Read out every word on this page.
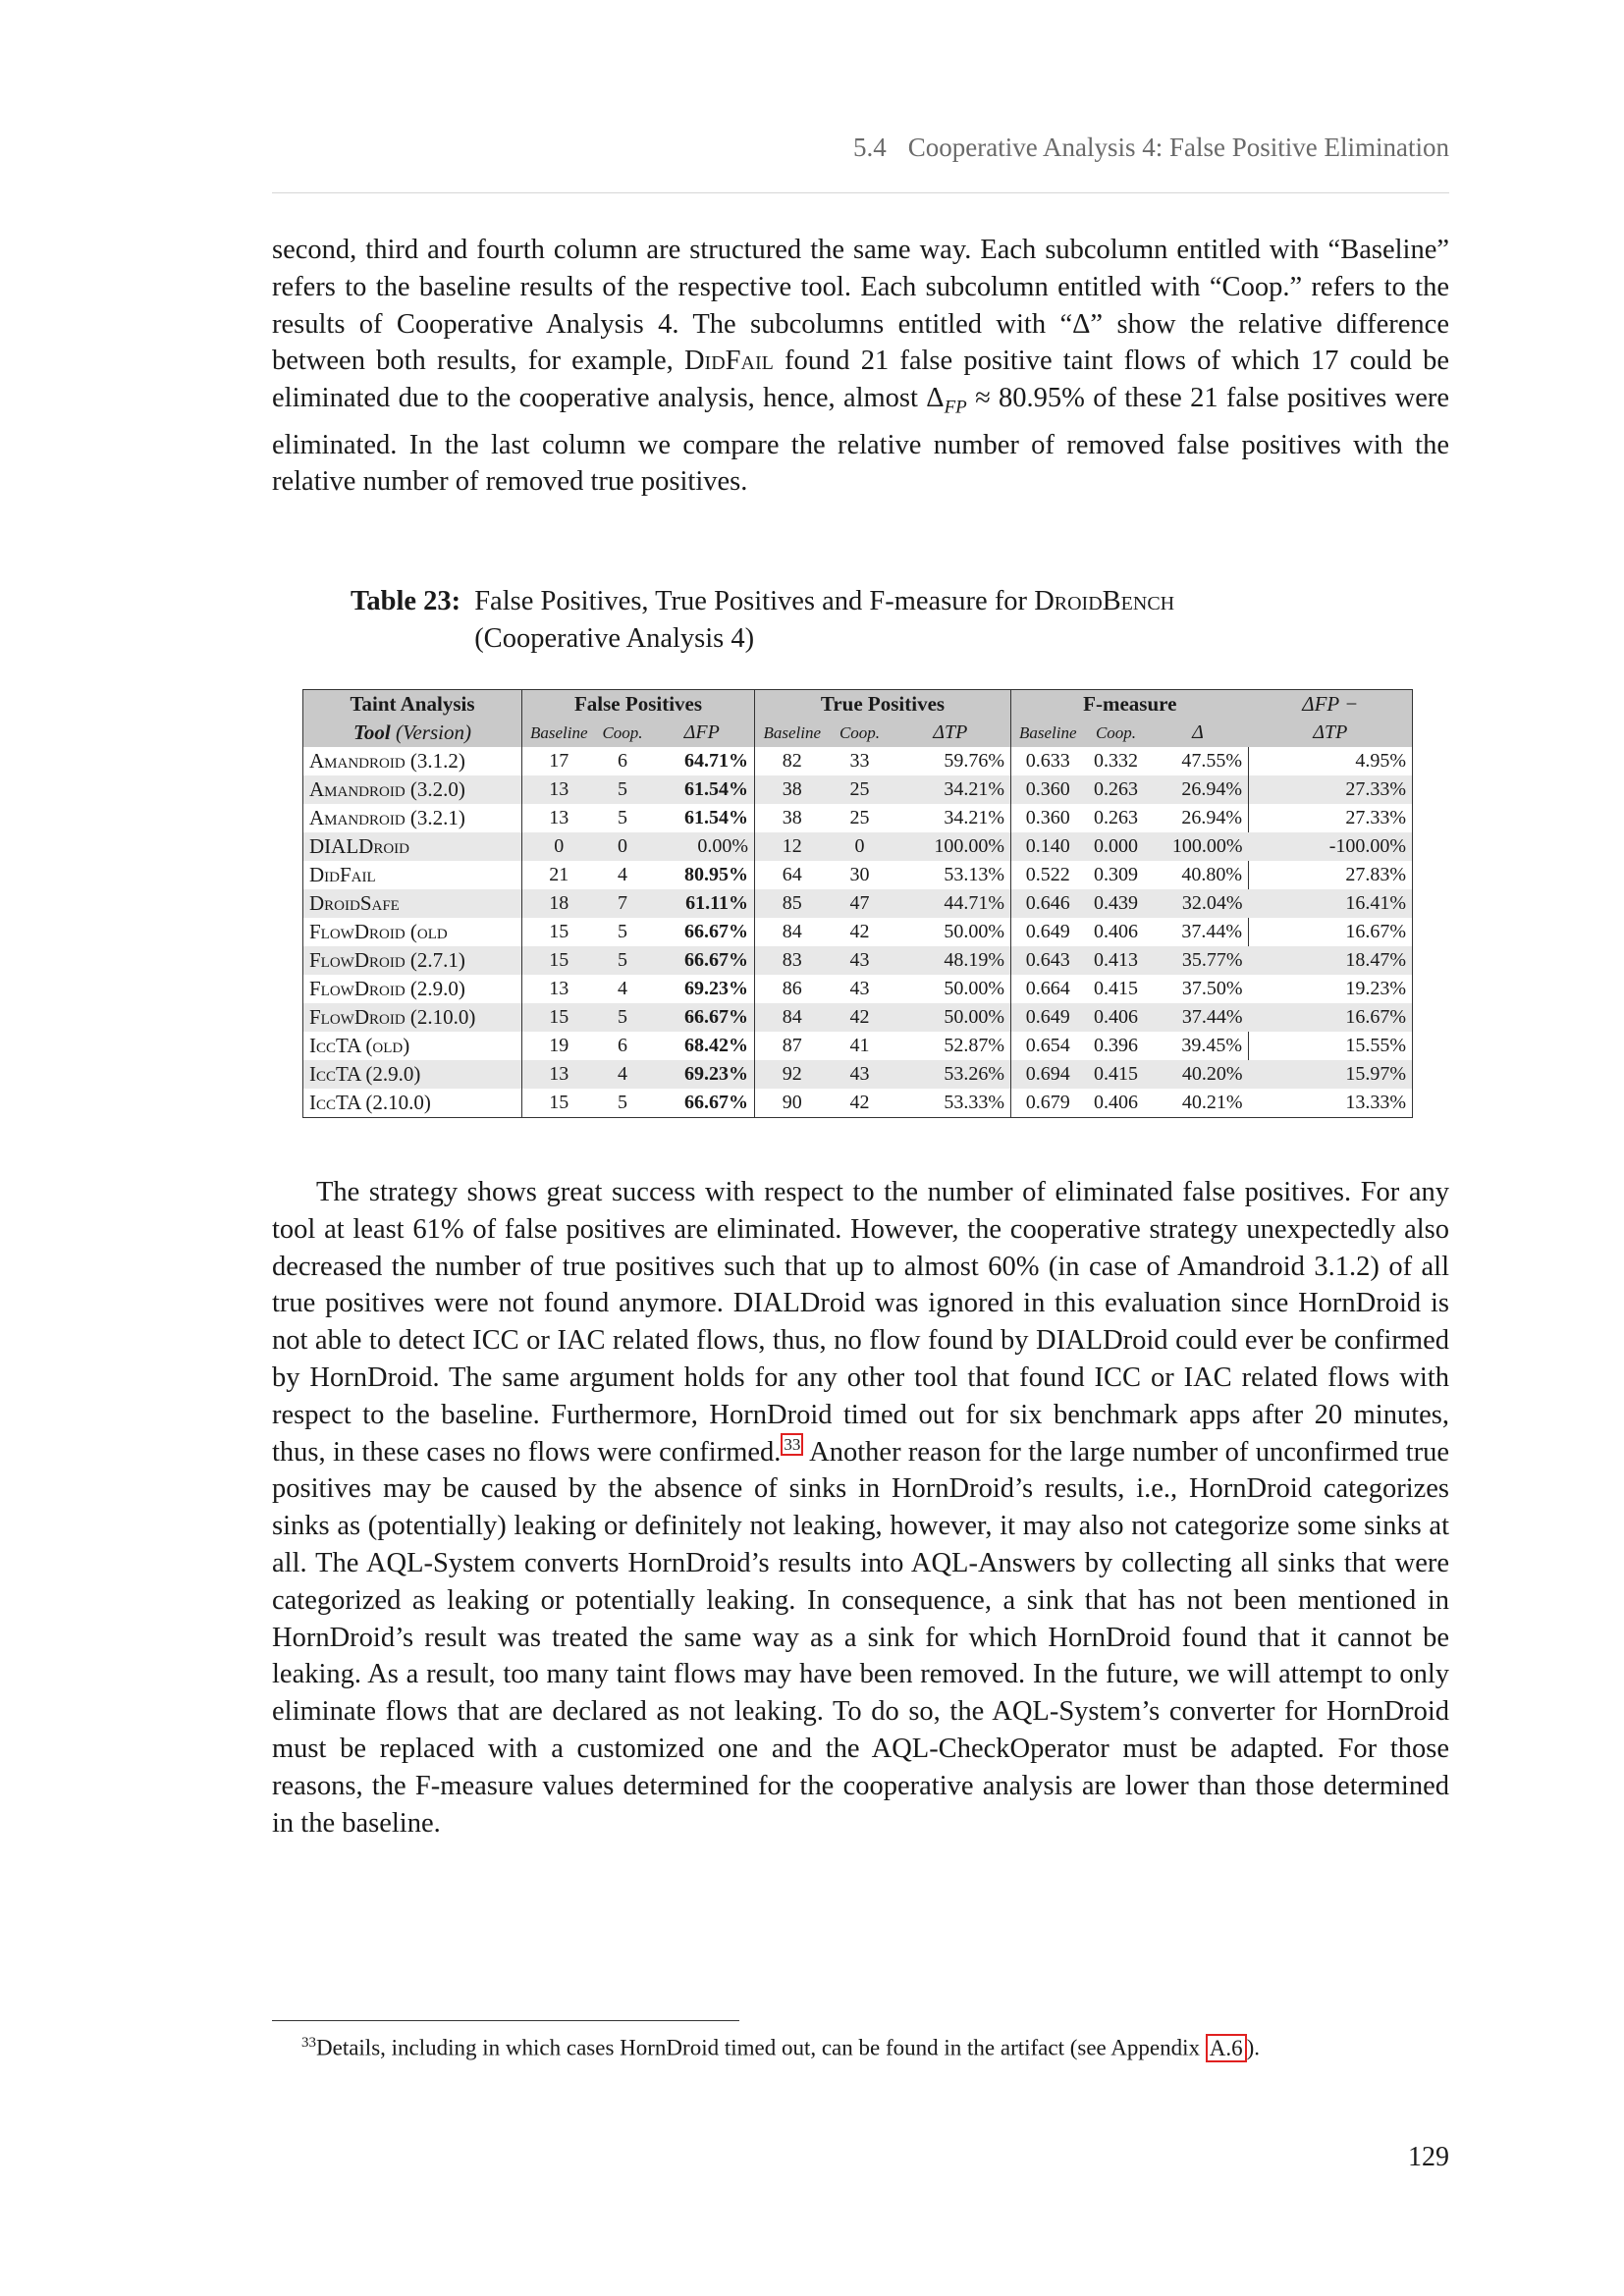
5.4 Cooperative Analysis 4: False Positive Elimination

second, third and fourth column are structured the same way. Each subcolumn entitled with “Baseline” refers to the baseline results of the respective tool. Each subcolumn entitled with “Coop.” refers to the results of Cooperative Analysis 4. The subcolumns entitled with “Δ” show the relative difference between both results, for example, DidFail found 21 false positive taint flows of which 17 could be eliminated due to the cooperative analysis, hence, almost $\Delta_{FP} \approx 80.95\%$ of these 21 false positives were eliminated. In the last column we compare the relative number of removed false positives with the relative number of removed true positives.

Table 23: False Positives, True Positives and F-measure for DroidBench
(Cooperative Analysis 4)
Taint Analysis	False Positives			True Positives			F-measure			ΔFP −
Tool (Version)	Baseline	Coop.	ΔFP	Baseline	Coop.	ΔTP	Baseline	Coop.	Δ	ΔTP
Amandroid (3.1.2)	17	6	64.71%	82	33	59.76%	0.633	0.332	47.55%	4.95%
Amandroid (3.2.0)	13	5	61.54%	38	25	34.21%	0.360	0.263	26.94%	27.33%
Amandroid (3.2.1)	13	5	61.54%	38	25	34.21%	0.360	0.263	26.94%	27.33%
DIALDroid	0	0	0.00%	12	0	100.00%	0.140	0.000	100.00%	-100.00%
DidFail	21	4	80.95%	64	30	53.13%	0.522	0.309	40.80%	27.83%
DroidSafe	18	7	61.11%	85	47	44.71%	0.646	0.439	32.04%	16.41%
FlowDroid (old	15	5	66.67%	84	42	50.00%	0.649	0.406	37.44%	16.67%
FlowDroid (2.7.1)	15	5	66.67%	83	43	48.19%	0.643	0.413	35.77%	18.47%
FlowDroid (2.9.0)	13	4	69.23%	86	43	50.00%	0.664	0.415	37.50%	19.23%
FlowDroid (2.10.0)	15	5	66.67%	84	42	50.00%	0.649	0.406	37.44%	16.67%
IccTA (old)	19	6	68.42%	87	41	52.87%	0.654	0.396	39.45%	15.55%
IccTA (2.9.0)	13	4	69.23%	92	43	53.26%	0.694	0.415	40.20%	15.97%
IccTA (2.10.0)	15	5	66.67%	90	42	53.33%	0.679	0.406	40.21%	13.33%

The strategy shows great success with respect to the number of eliminated false positives. For any tool at least 61% of false positives are eliminated. However, the cooperative strategy unexpectedly also decreased the number of true positives such that up to almost 60% (in case of Amandroid 3.1.2) of all true positives were not found anymore. DIALDroid was ignored in this evaluation since HornDroid is not able to detect ICC or IAC related flows, thus, no flow found by DIALDroid could ever be confirmed by HornDroid. The same argument holds for any other tool that found ICC or IAC related flows with respect to the baseline. Furthermore, HornDroid timed out for six benchmark apps after 20 minutes, thus, in these cases no flows were confirmed. $^{33}$ Another reason for the large number of unconfirmed true positives may be caused by the absence of sinks in HornDroid’s results, i.e., HornDroid categorizes sinks as (potentially) leaking or definitely not leaking, however, it may also not categorize some sinks at all. The AQL-System converts HornDroid’s results into AQL-Answers by collecting all sinks that were categorized as leaking or potentially leaking. In consequence, a sink that has not been mentioned in HornDroid’s result was treated the same way as a sink for which HornDroid found that it cannot be leaking. As a result, too many taint flows may have been removed. In the future, we will attempt to only eliminate flows that are declared as not leaking. To do so, the AQL-System’s converter for HornDroid must be replaced with a customized one and the AQL-CheckOperator must be adapted. For those reasons, the F-measure values determined for the cooperative analysis are lower than those determined in the baseline.

$^{33}$Details, including in which cases HornDroid timed out, can be found in the artifact (see Appendix A.6 ).
129
